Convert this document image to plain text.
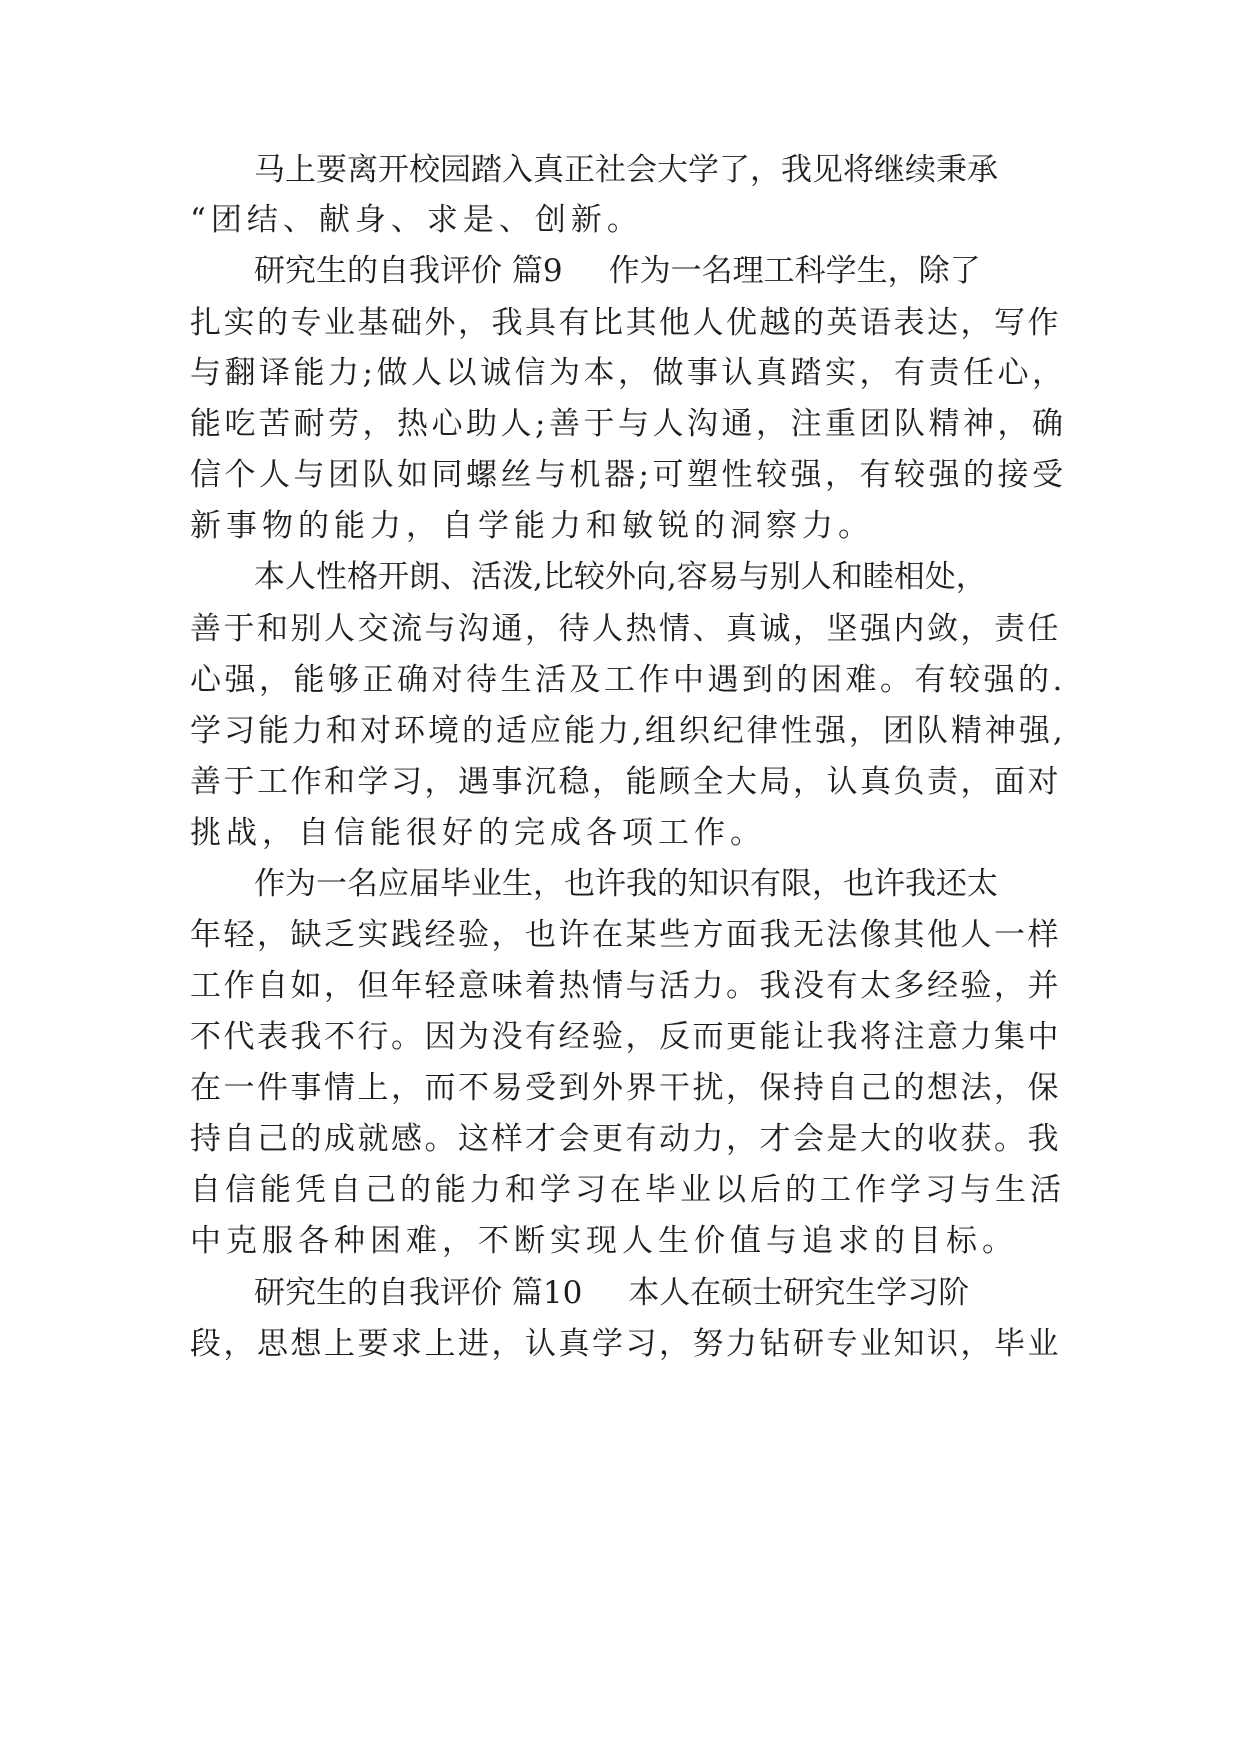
马上要离开校园踏入真正社会大学了，我见将继续秉承
“团结、献身、求是、创新。
研究生的自我评价 篇9 作为一名理工科学生，除了
扎实的专业基础外，我具有比其他人优越的英语表达，写作
与翻译能力;做人以诚信为本，做事认真踏实，有责任心，
能吃苦耐劳，热心助人;善于与人沟通，注重团队精神，确
信个人与团队如同螺丝与机器;可塑性较强，有较强的接受
新事物的能力，自学能力和敏锐的洞察力。
本人性格开朗、活泼,比较外向,容易与别人和睦相处，
善于和别人交流与沟通，待人热情、真诚，坚强内敛，责任
心强，能够正确对待生活及工作中遇到的困难。有较强的.
学习能力和对环境的适应能力,组织纪律性强，团队精神强,
善于工作和学习，遇事沉稳，能顾全大局，认真负责，面对
挑战，自信能很好的完成各项工作。
作为一名应届毕业生，也许我的知识有限，也许我还太
年轻，缺乏实践经验，也许在某些方面我无法像其他人一样
工作自如，但年轻意味着热情与活力。我没有太多经验，并
不代表我不行。因为没有经验，反而更能让我将注意力集中
在一件事情上，而不易受到外界干扰，保持自己的想法，保
持自己的成就感。这样才会更有动力，才会是大的收获。我
自信能凭自己的能力和学习在毕业以后的工作学习与生活
中克服各种困难，不断实现人生价值与追求的目标。
研究生的自我评价 篇10 本人在硕士研究生学习阶
段，思想上要求上进，认真学习，努力钻研专业知识，毕业
